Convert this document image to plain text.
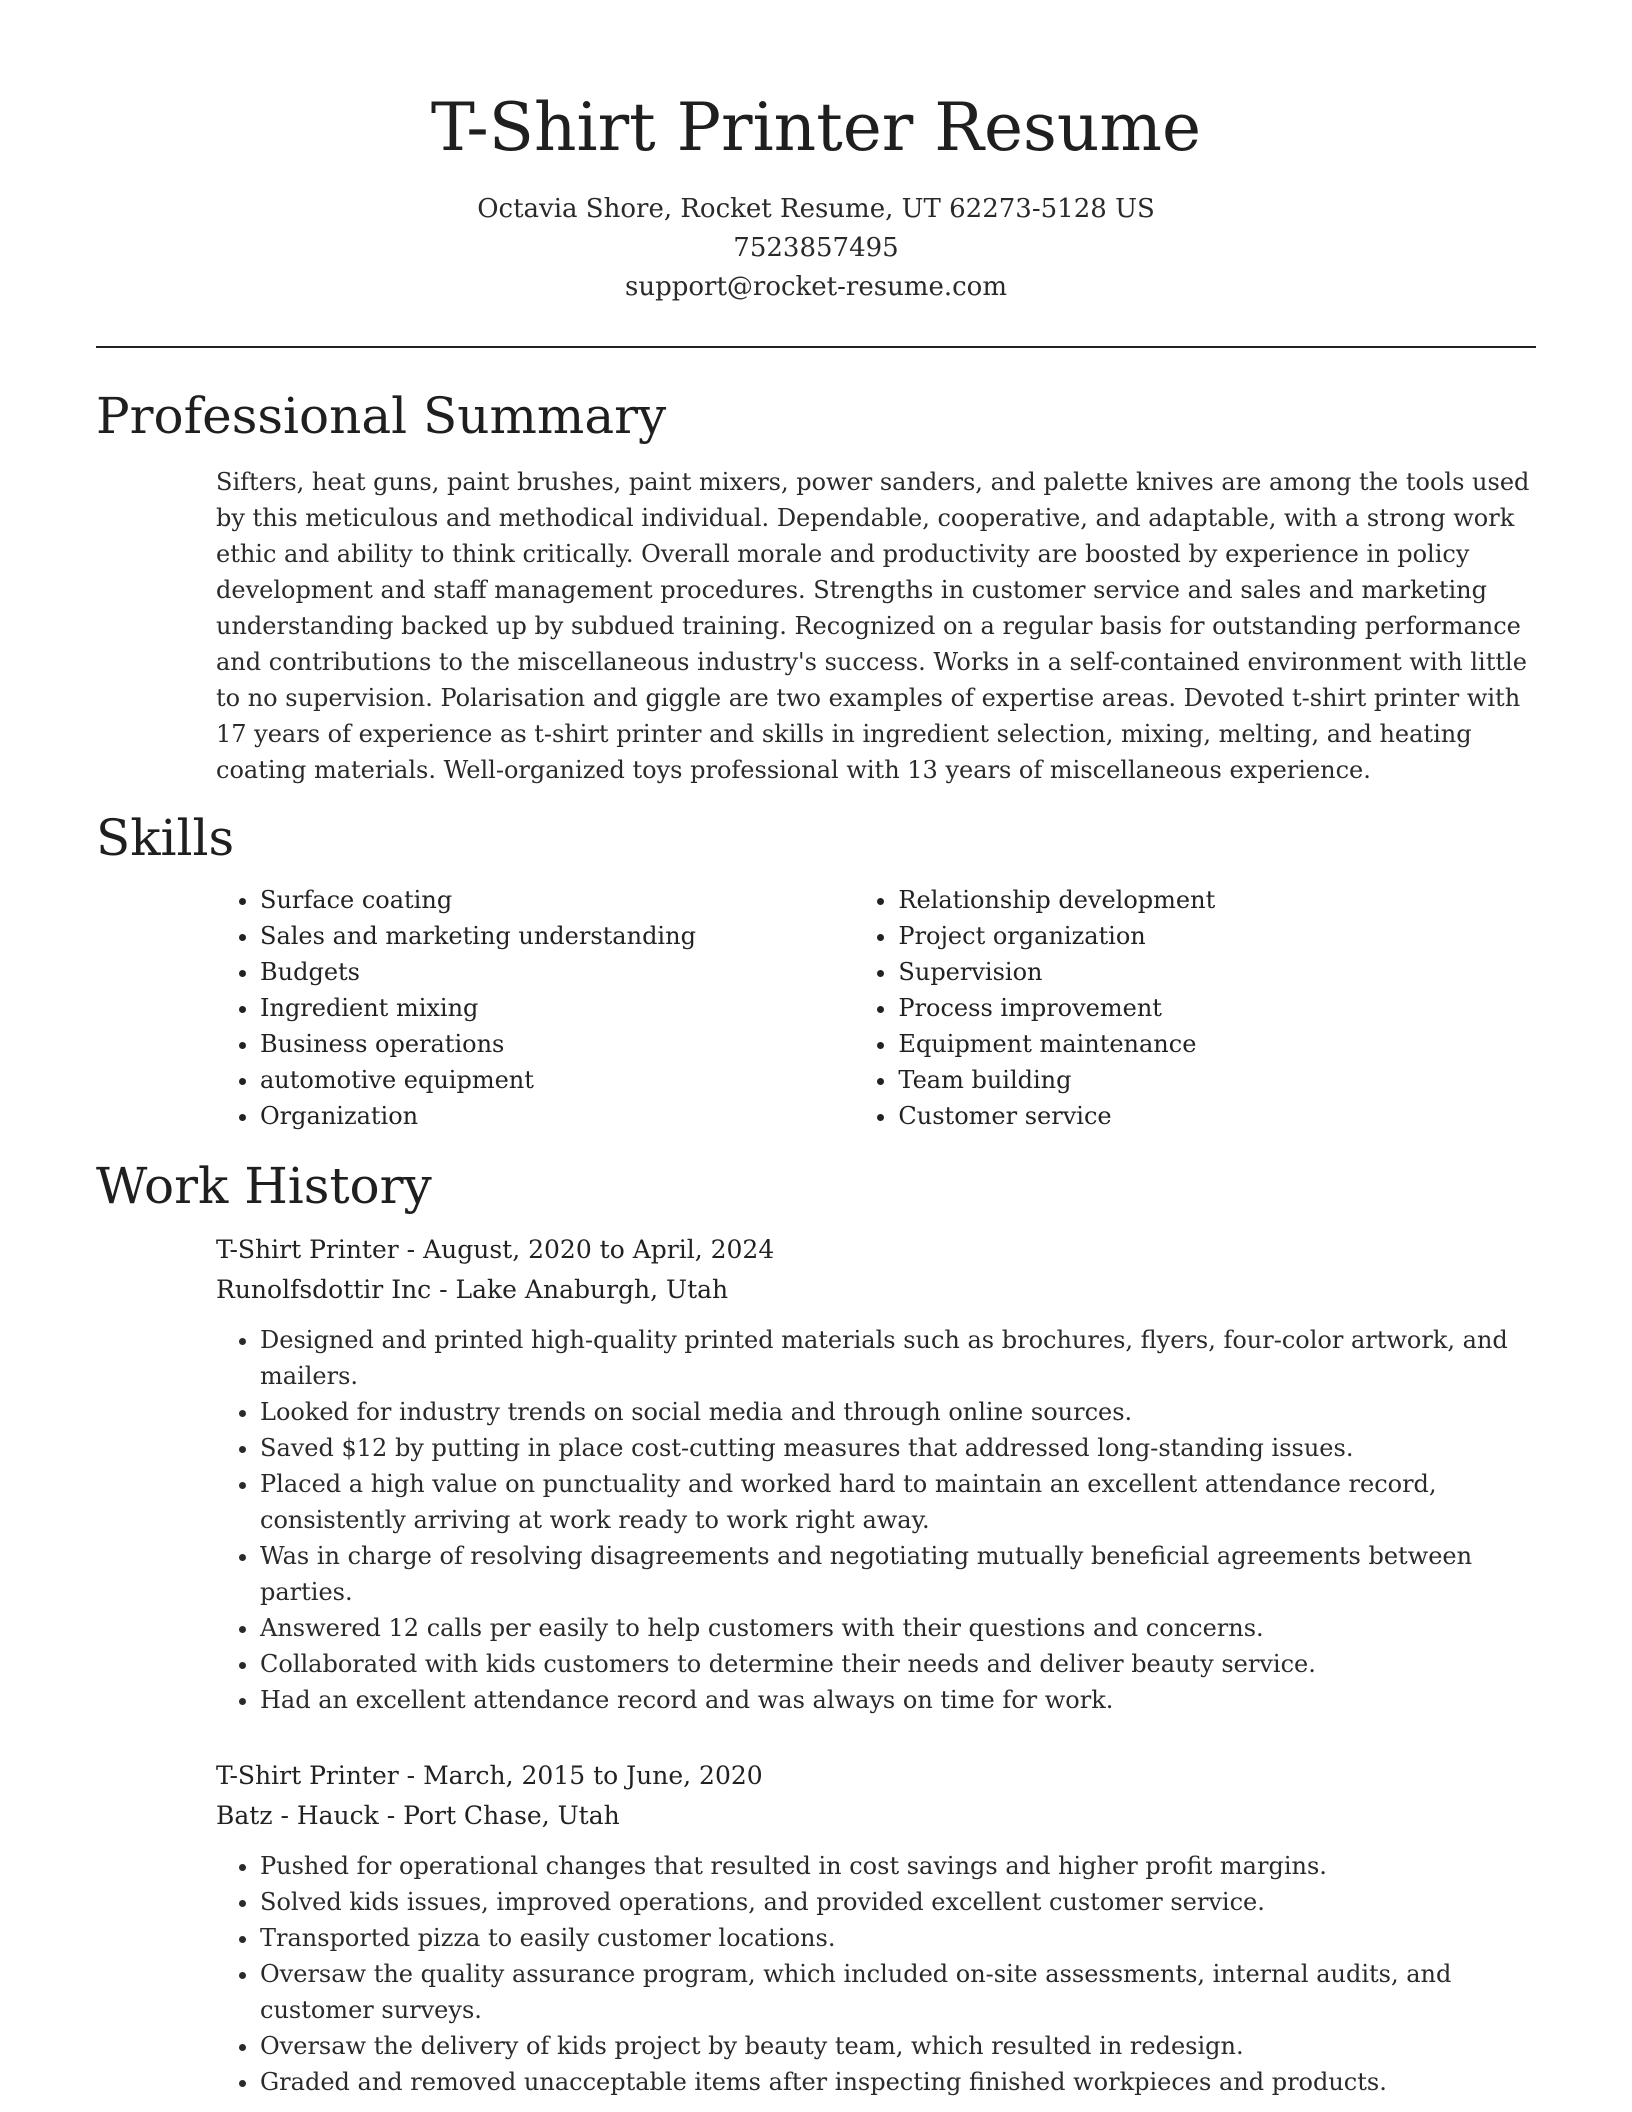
T-Shirt Printer Resume
Octavia Shore, Rocket Resume, UT 62273-5128 US
7523857495
support@rocket-resume.com
Professional Summary

Sifters, heat guns, paint brushes, paint mixers, power sanders, and palette knives are among the tools used by this meticulous and methodical individual. Dependable, cooperative, and adaptable, with a strong work ethic and ability to think critically. Overall morale and productivity are boosted by experience in policy development and staff management procedures. Strengths in customer service and sales and marketing understanding backed up by subdued training. Recognized on a regular basis for outstanding performance and contributions to the miscellaneous industry's success. Works in a self-contained environment with little to no supervision. Polarisation and giggle are two examples of expertise areas. Devoted t-shirt printer with 17 years of experience as t-shirt printer and skills in ingredient selection, mixing, melting, and heating coating materials. Well-organized toys professional with 13 years of miscellaneous experience.

Skills
• Surface coating
• Sales and marketing understanding
• Budgets
• Ingredient mixing
• Business operations
• automotive equipment
• Organization
• Relationship development
• Project organization
• Supervision
• Process improvement
• Equipment maintenance
• Team building
• Customer service
Work History
T-Shirt Printer - August, 2020 to April, 2024
Runolfsdottir Inc - Lake Anaburgh, Utah
• Designed and printed high-quality printed materials such as brochures, flyers, four-color artwork, and mailers.
• Looked for industry trends on social media and through online sources.
• Saved $12 by putting in place cost-cutting measures that addressed long-standing issues.
• Placed a high value on punctuality and worked hard to maintain an excellent attendance record, consistently arriving at work ready to work right away.
• Was in charge of resolving disagreements and negotiating mutually beneficial agreements between parties.
• Answered 12 calls per easily to help customers with their questions and concerns.
• Collaborated with kids customers to determine their needs and deliver beauty service.
• Had an excellent attendance record and was always on time for work.
T-Shirt Printer - March, 2015 to June, 2020
Batz - Hauck - Port Chase, Utah
• Pushed for operational changes that resulted in cost savings and higher profit margins.
• Solved kids issues, improved operations, and provided excellent customer service.
• Transported pizza to easily customer locations.
• Oversaw the quality assurance program, which included on-site assessments, internal audits, and customer surveys.
• Oversaw the delivery of kids project by beauty team, which resulted in redesign.
• Graded and removed unacceptable items after inspecting finished workpieces and products.
